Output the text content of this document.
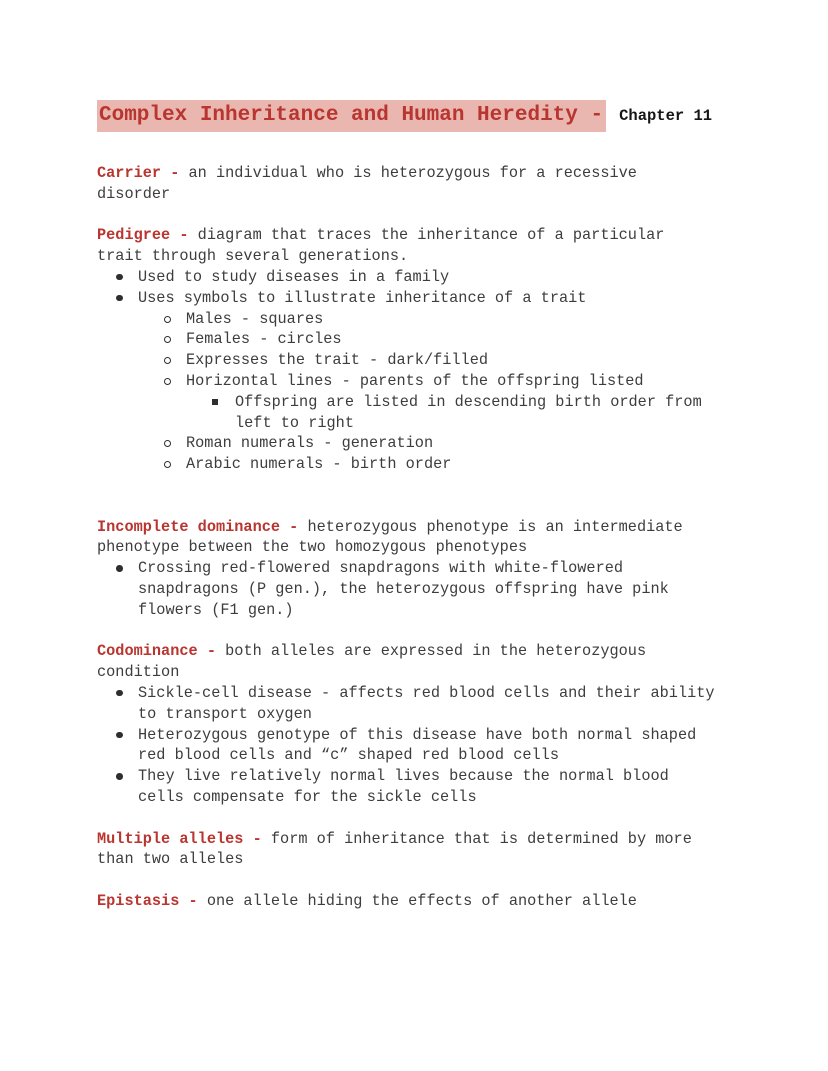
Complex Inheritance and Human Heredity - Chapter 11

Carrier - an individual who is heterozygous for a recessive disorder

Pedigree - diagram that traces the inheritance of a particular trait through several generations.

Used to study diseases in a family
Uses symbols to illustrate inheritance of a trait
Males - squares
Females - circles
Expresses the trait - dark/filled
Horizontal lines - parents of the offspring listed
Offspring are listed in descending birth order from left to right
Roman numerals - generation
Arabic numerals - birth order

Incomplete dominance - heterozygous phenotype is an intermediate phenotype between the two homozygous phenotypes

Crossing red-flowered snapdragons with white-flowered snapdragons (P gen.), the heterozygous offspring have pink flowers (F1 gen.)

Codominance - both alleles are expressed in the heterozygous condition

Sickle-cell disease - affects red blood cells and their ability to transport oxygen
Heterozygous genotype of this disease have both normal shaped red blood cells and “c” shaped red blood cells
They live relatively normal lives because the normal blood cells compensate for the sickle cells

Multiple alleles - form of inheritance that is determined by more than two alleles

Epistasis - one allele hiding the effects of another allele
